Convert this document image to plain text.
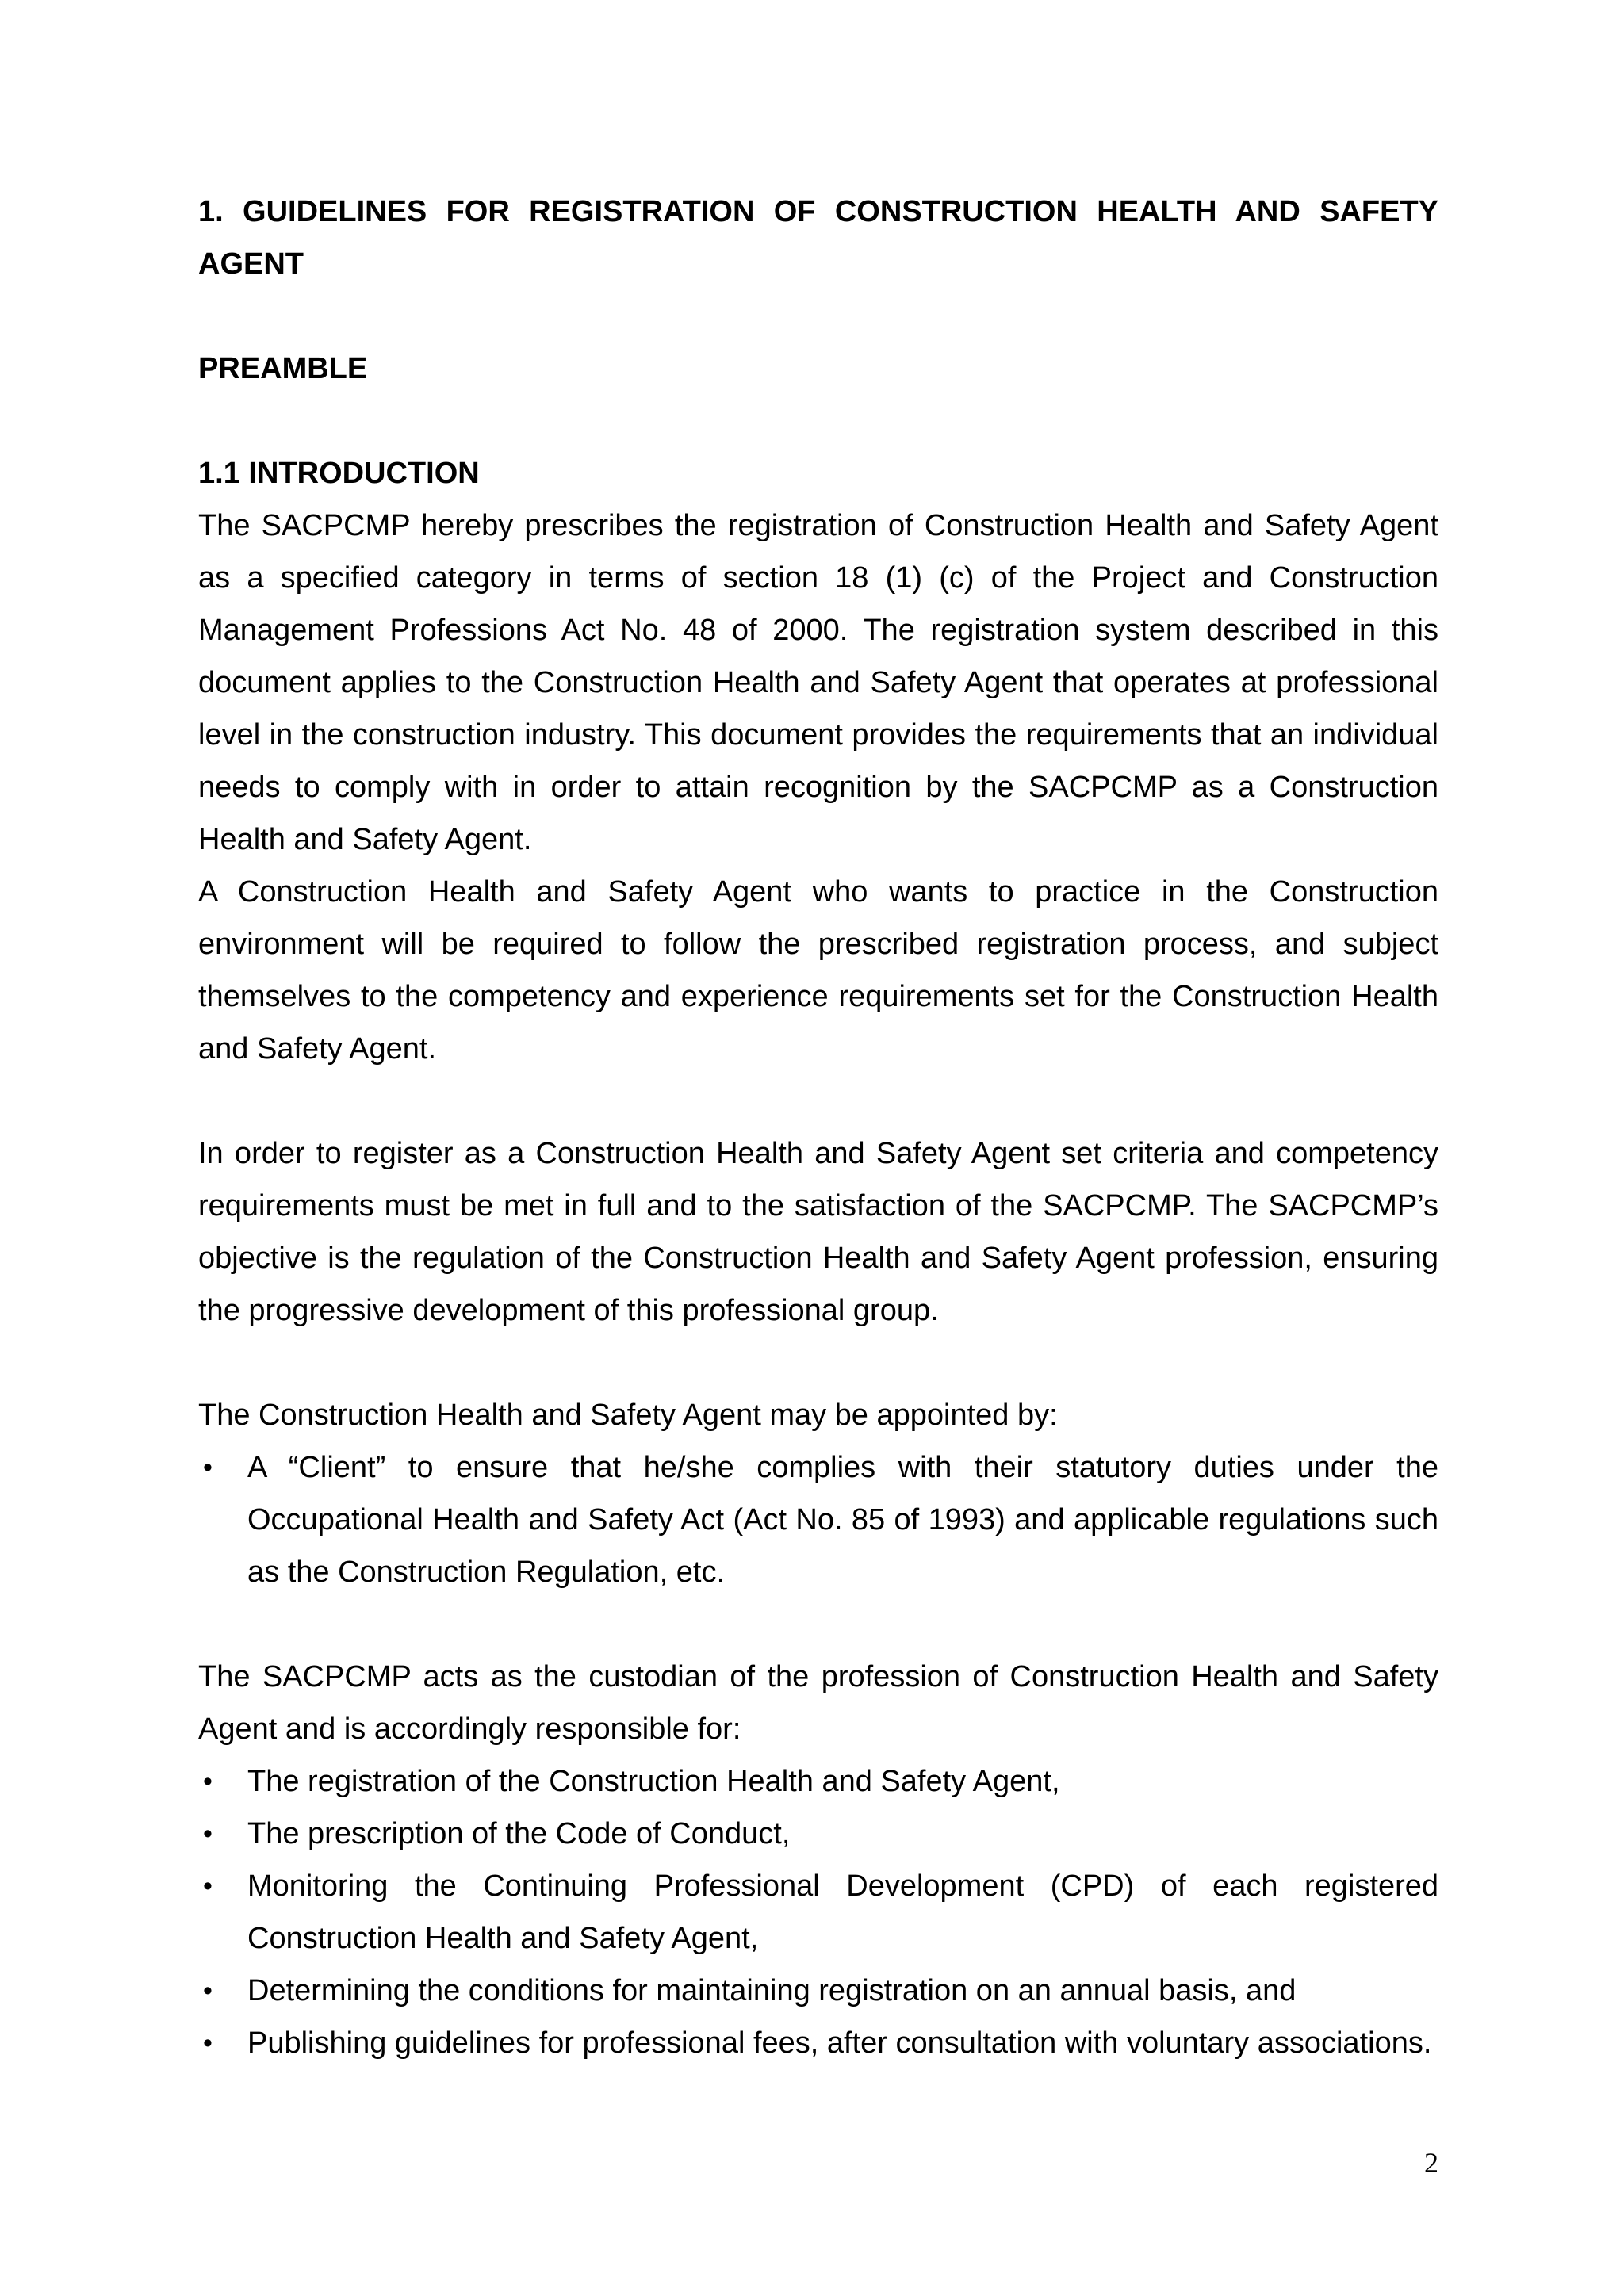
1. GUIDELINES FOR REGISTRATION OF CONSTRUCTION HEALTH AND SAFETY AGENT

PREAMBLE

1.1 INTRODUCTION

The SACPCMP hereby prescribes the registration of Construction Health and Safety Agent as a specified category in terms of section 18 (1) (c) of the Project and Construction Management Professions Act No. 48 of 2000. The registration system described in this document applies to the Construction Health and Safety Agent that operates at professional level in the construction industry. This document provides the requirements that an individual needs to comply with in order to attain recognition by the SACPCMP as a Construction Health and Safety Agent.

A Construction Health and Safety Agent who wants to practice in the Construction environment will be required to follow the prescribed registration process, and subject themselves to the competency and experience requirements set for the Construction Health and Safety Agent.

In order to register as a Construction Health and Safety Agent set criteria and competency requirements must be met in full and to the satisfaction of the SACPCMP. The SACPCMP’s objective is the regulation of the Construction Health and Safety Agent profession, ensuring the progressive development of this professional group.

The Construction Health and Safety Agent may be appointed by:

• A “Client” to ensure that he/she complies with their statutory duties under the Occupational Health and Safety Act (Act No. 85 of 1993) and applicable regulations such as the Construction Regulation, etc.

The SACPCMP acts as the custodian of the profession of Construction Health and Safety Agent and is accordingly responsible for:

• The registration of the Construction Health and Safety Agent,
• The prescription of the Code of Conduct,
• Monitoring the Continuing Professional Development (CPD) of each registered Construction Health and Safety Agent,
• Determining the conditions for maintaining registration on an annual basis, and
• Publishing guidelines for professional fees, after consultation with voluntary associations.
2
